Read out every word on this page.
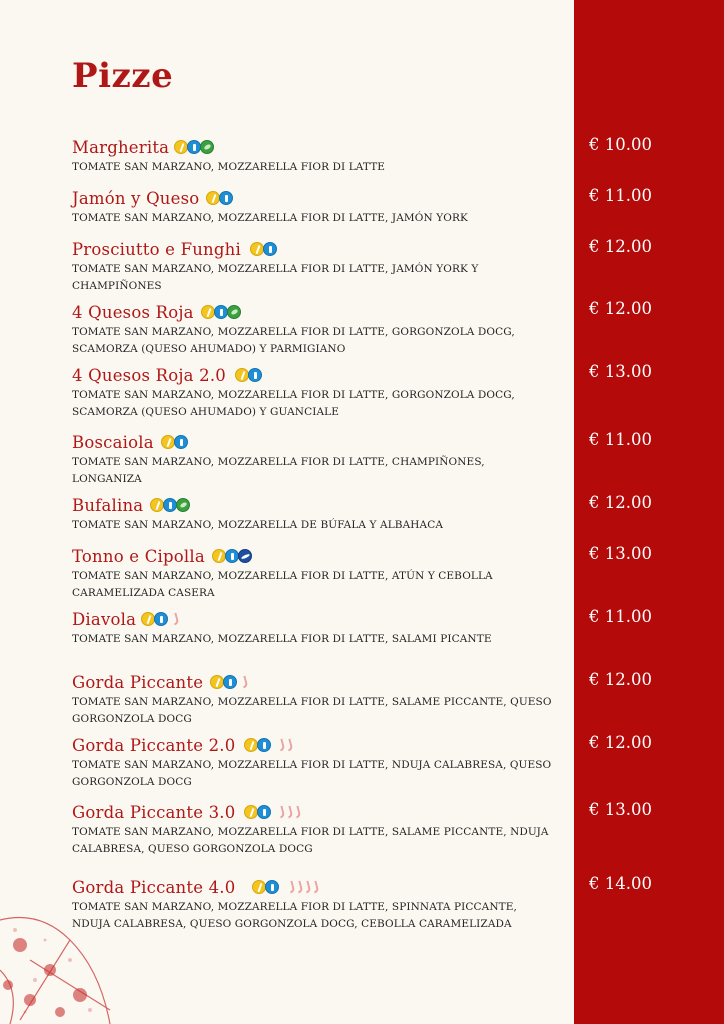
Pizze
Margherita
TOMATE SAN MARZANO, MOZZARELLA FIOR DI LATTE
€ 10.00
Jamón y Queso
TOMATE SAN MARZANO, MOZZARELLA FIOR DI LATTE, JAMÓN YORK
€ 11.00
Prosciutto e Funghi
TOMATE SAN MARZANO, MOZZARELLA FIOR DI LATTE, JAMÓN YORK Y CHAMPIÑONES
€ 12.00
4 Quesos Roja
TOMATE SAN MARZANO, MOZZARELLA FIOR DI LATTE, GORGONZOLA DOCG, SCAMORZA (QUESO AHUMADO) Y PARMIGIANO
€ 12.00
4 Quesos Roja 2.0
TOMATE SAN MARZANO, MOZZARELLA FIOR DI LATTE, GORGONZOLA DOCG, SCAMORZA (QUESO AHUMADO) Y GUANCIALE
€ 13.00
Boscaiola
TOMATE SAN MARZANO, MOZZARELLA FIOR DI LATTE, CHAMPIÑONES, LONGANIZA
€ 11.00
Bufalina
TOMATE SAN MARZANO, MOZZARELLA DE BÚFALA Y ALBAHACA
€ 12.00
Tonno e Cipolla
TOMATE SAN MARZANO, MOZZARELLA FIOR DI LATTE, ATÚN Y CEBOLLA CARAMELIZADA CASERA
€ 13.00
Diavola
TOMATE SAN MARZANO, MOZZARELLA FIOR DI LATTE, SALAMI PICANTE
€ 11.00
Gorda Piccante
TOMATE SAN MARZANO, MOZZARELLA FIOR DI LATTE, SALAME PICCANTE, QUESO GORGONZOLA DOCG
€ 12.00
Gorda Piccante 2.0
TOMATE SAN MARZANO, MOZZARELLA FIOR DI LATTE, NDUJA CALABRESA, QUESO GORGONZOLA DOCG
€ 12.00
Gorda Piccante 3.0
TOMATE SAN MARZANO, MOZZARELLA FIOR DI LATTE, SALAME PICCANTE, NDUJA CALABRESA, QUESO GORGONZOLA DOCG
€ 13.00
Gorda Piccante 4.0
TOMATE SAN MARZANO, MOZZARELLA FIOR DI LATTE, SPINNATA PICCANTE, NDUJA CALABRESA, QUESO GORGONZOLA DOCG, CEBOLLA CARAMELIZADA
€ 14.00
